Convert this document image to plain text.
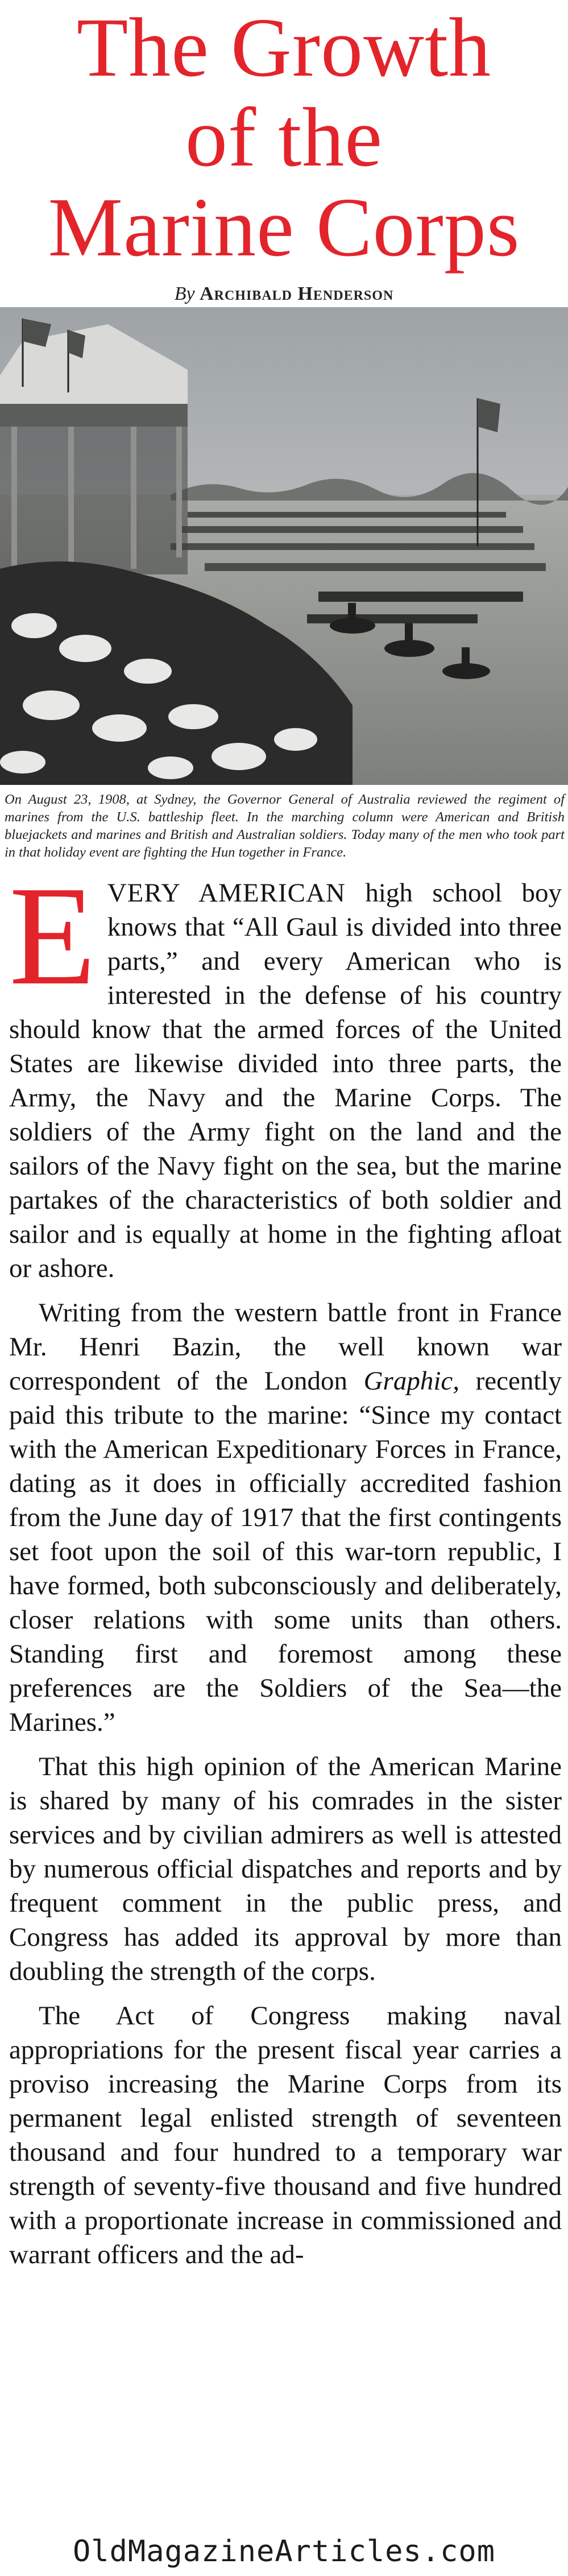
The Growth
of the
Marine Corps
By Archibald Henderson
On August 23, 1908, at Sydney, the Governor General of Australia reviewed the regiment of marines from the U.S. battleship fleet. In the marching column were American and British bluejackets and marines and British and Australian soldiers. Today many of the men who took part in that holiday event are fighting the Hun together in France.

EVERY AMERICAN high school boy knows that “All Gaul is divided into three parts,” and every American who is interested in the defense of his country should know that the armed forces of the United States are likewise divided into three parts, the Army, the Navy and the Marine Corps. The soldiers of the Army fight on the land and the sailors of the Navy fight on the sea, but the marine partakes of the characteristics of both soldier and sailor and is equally at home in the fighting afloat or ashore.

Writing from the western battle front in France Mr. Henri Bazin, the well known war correspondent of the London Graphic, recently paid this tribute to the marine: “Since my contact with the American Expeditionary Forces in France, dating as it does in officially accredited fashion from the June day of 1917 that the first contingents set foot upon the soil of this war-torn republic, I have formed, both subconsciously and deliberately, closer relations with some units than others. Standing first and foremost among these preferences are the Soldiers of the Sea—the Marines.”

That this high opinion of the American Marine is shared by many of his comrades in the sister services and by civilian admirers as well is attested by numerous official dispatches and reports and by frequent comment in the public press, and Congress has added its approval by more than doubling the strength of the corps.

The Act of Congress making naval appropriations for the present fiscal year carries a proviso increasing the Marine Corps from its permanent legal enlisted strength of seventeen thousand and four hundred to a temporary war strength of seventy-five thousand and five hundred with a proportionate increase in commissioned and warrant officers and the ad-

OldMagazineArticles.com
